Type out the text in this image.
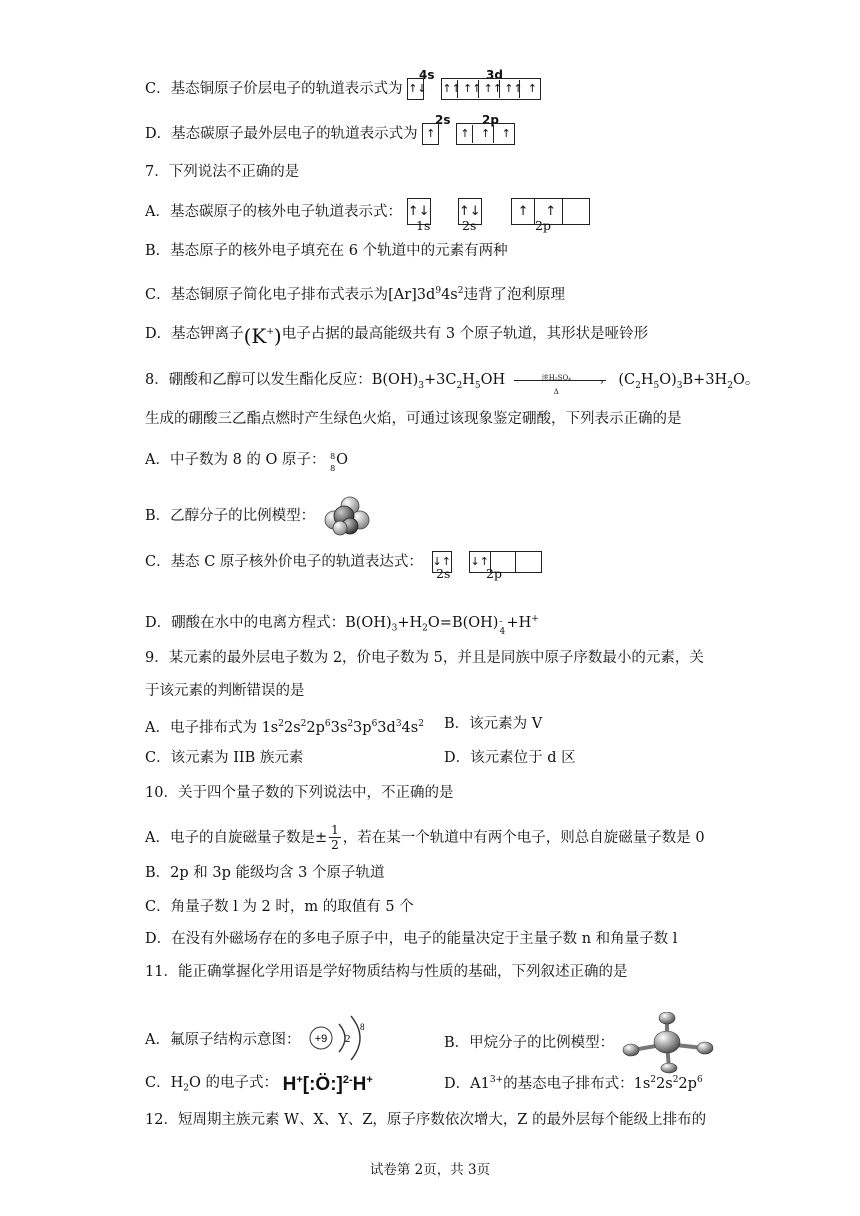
4s	3d
C．基态铜原子价层电子的轨道表示式为 ↑↓ ↑↑ ↑↑ ↑↑ ↑↑ ↑
2s	2p
D．基态碳原子最外层电子的轨道表示式为 ↑ ↑ ↑ ↑
7．下列说法不正确的是
A．基态碳原子的核外电子轨道表示式： ↑↓ ↑↓	↑ ↑
1s	2s	2p
B．基态原子的核外电子填充在 6 个轨道中的元素有两种
C．基态铜原子简化电子排布式表示为$[Ar]3d^94s^2$违背了泡利原理
D．基态钾离子(K+)电子占据的最高能级共有 3 个原子轨道，其形状是哑铃形
8．硼酸和乙醇可以发生酯化反应：$B(OH)_3+3C_2H_5OH$	浓H₂SO₄	›
Δ
$(C_2H_5O)_3B+3H_2O$。
生成的硼酸三乙酯点燃时产生绿色火焰，可通过该现象鉴定硼酸，下列表示正确的是
A．中子数为 8 的 O 原子： 8
8
O
B．乙醇分子的比例模型：
C．基态 C 原子核外价电子的轨道表达式： ↓↑ ↓↑
2s	2p
D．硼酸在水中的电离方程式：$B(OH)_3+H_2O=B(OH)$ -
4
+H+
9．某元素的最外层电子数为 2，价电子数为 5，并且是同族中原子序数最小的元素，关
于该元素的判断错误的是
A．电子排布式为 $1s^22s^22p^63s^23p^63d^34s^2$ B．该元素为 V
C．该元素为 IIB 族元素	D．该元素位于 d 区
10．关于四个量子数的下列说法中，不正确的是
A．电子的自旋磁量子数是± $\frac{1}{2}$ ，若在某一个轨道中有两个电子，则总自旋磁量子数是 0
B．2p 和 3p 能级均含 3 个原子轨道
C．角量子数 l 为 2 时，m 的取值有 5 个
D．在没有外磁场存在的多电子原子中，电子的能量决定于主量子数 n 和角量子数 l
11．能正确掌握化学用语是学好物质结构与性质的基础，下列叙述正确的是
A．氟原子结构示意图： +9 2
8
B．甲烷分子的比例模型：
C．$H_2O$ 的电子式： H+[:Ö:]$^{2-}$H+	D．$A1^{3+}$的基态电子排布式：$1s^22s^22p^6$
12．短周期主族元素 W、X、Y、Z，原子序数依次增大，Z 的最外层每个能级上排布的
试卷第 2页，共 3页
